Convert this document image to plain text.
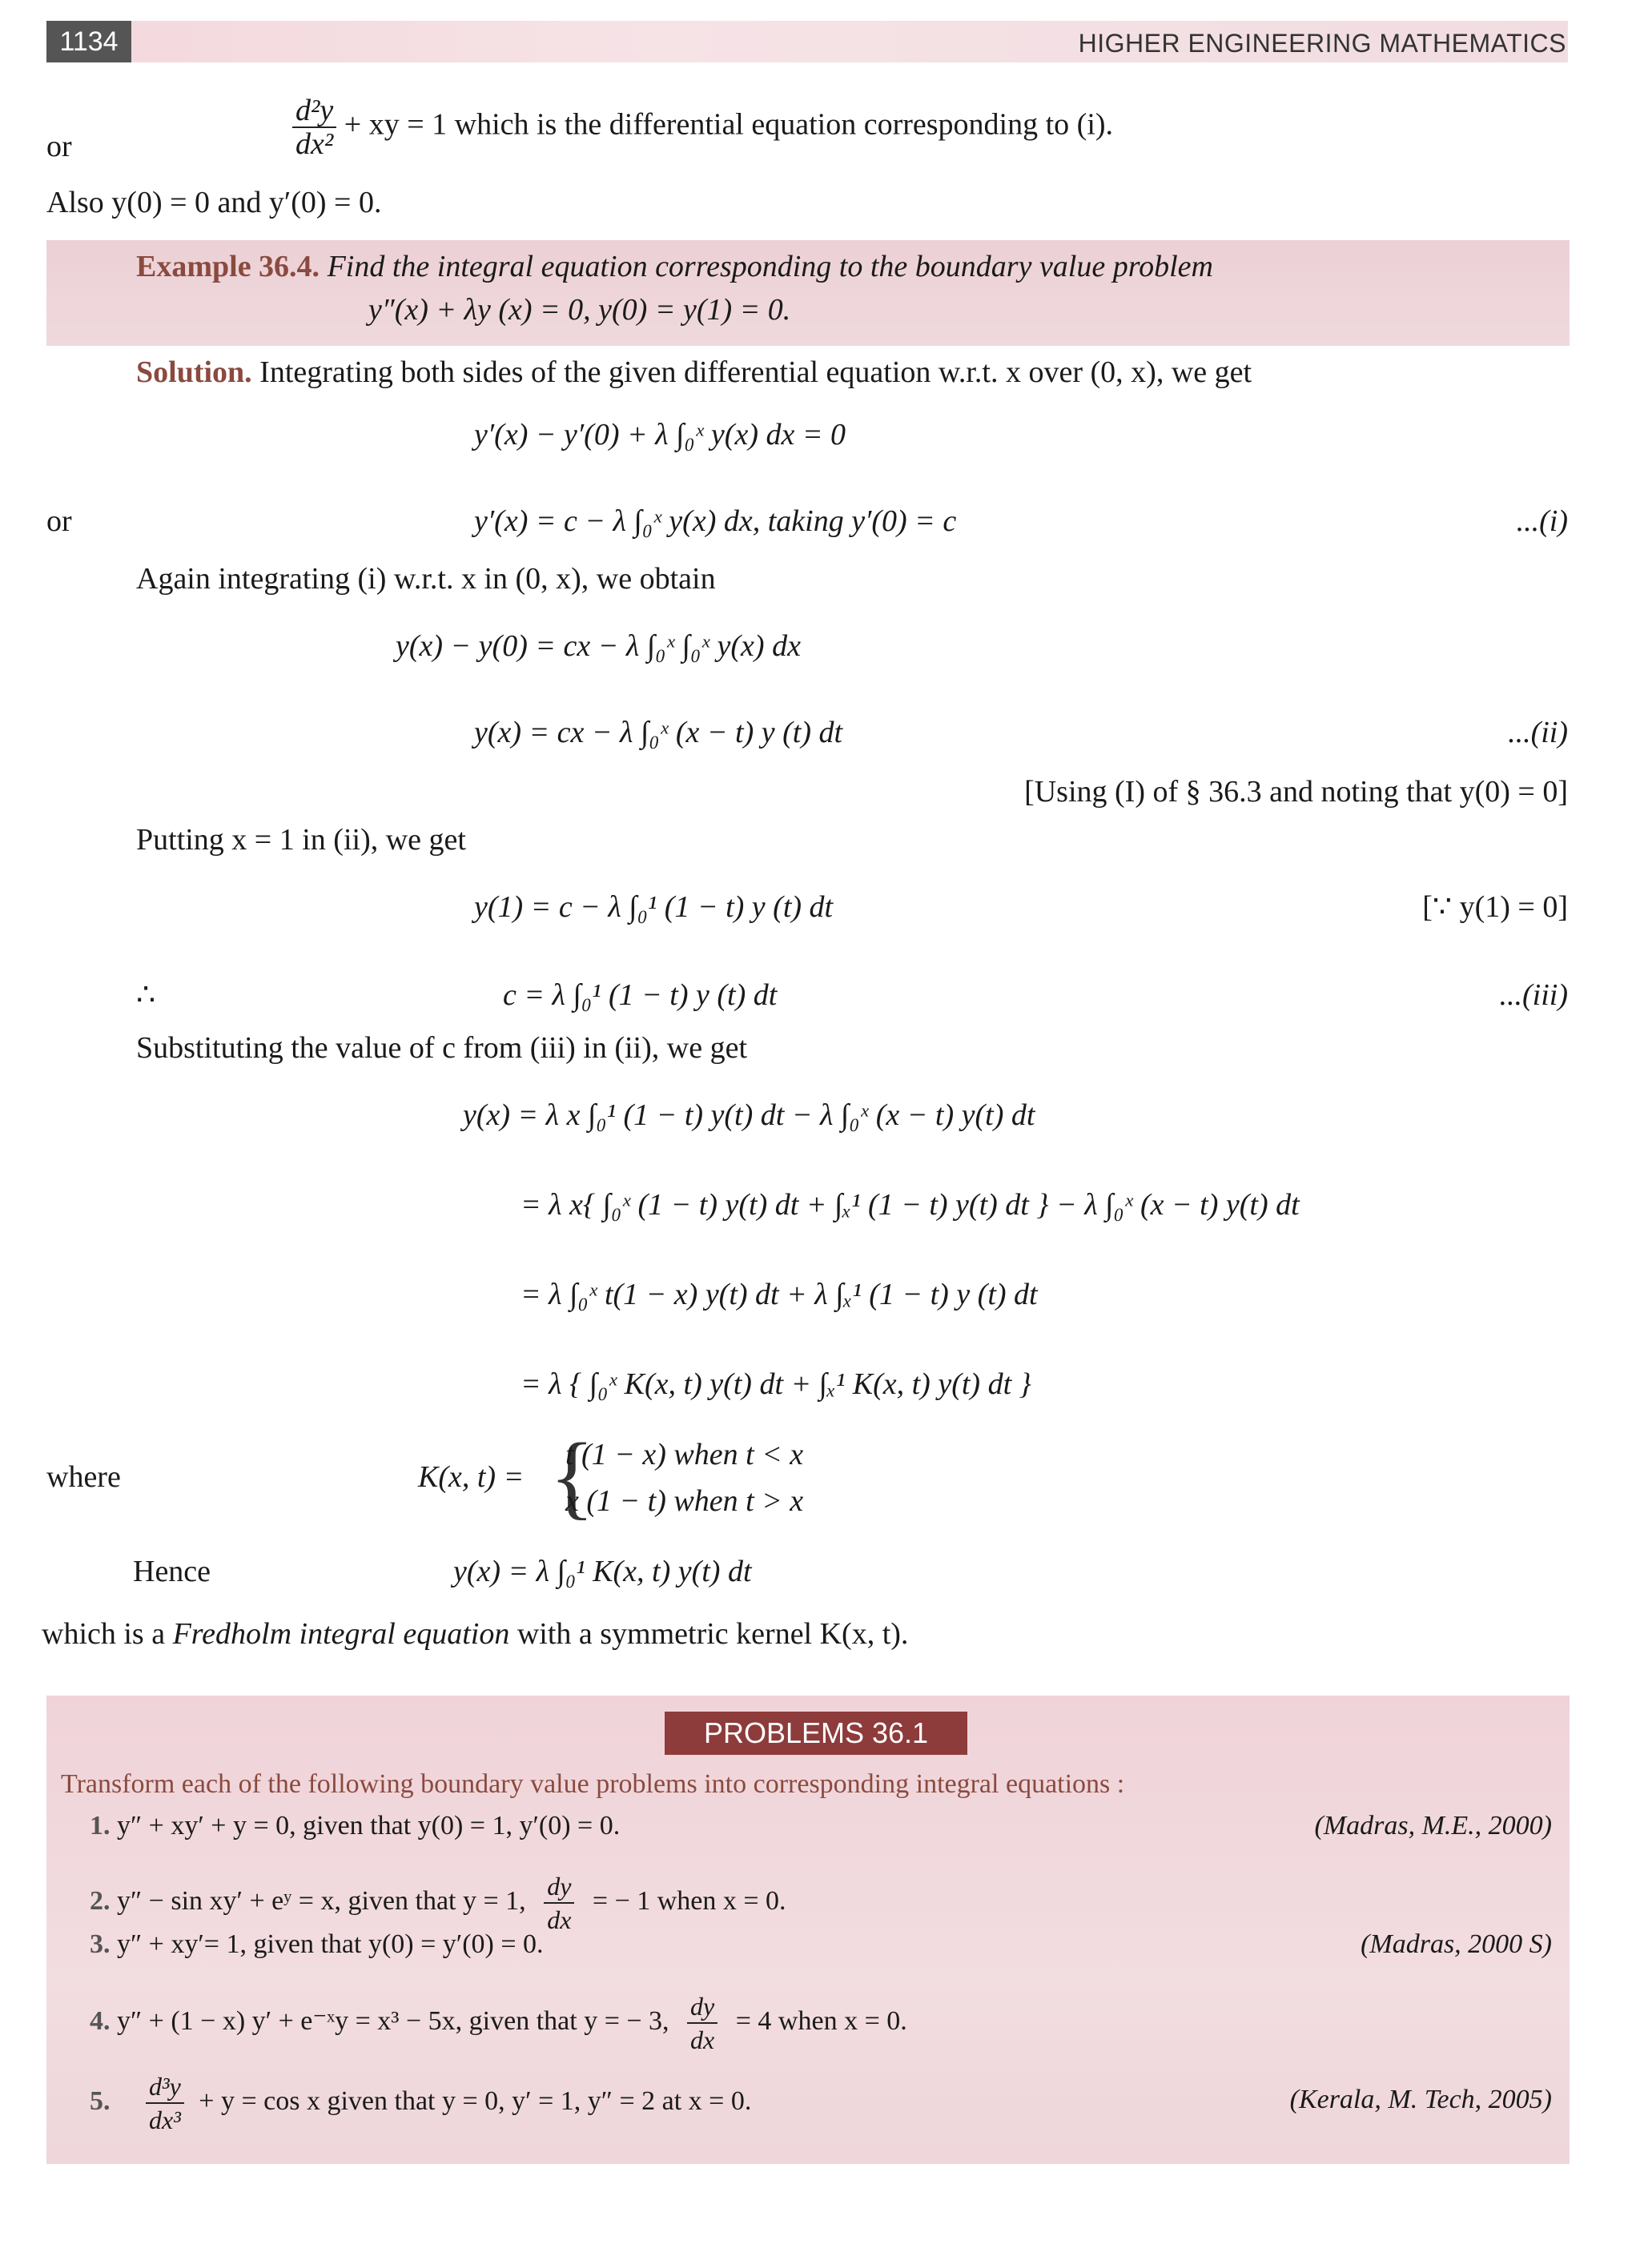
1134	HIGHER ENGINEERING MATHEMATICS
or	$\frac{\text{d²y}}{\text{dx²}}$ + xy = 1 which is the differential equation corresponding to (i).
Also y(0) = 0 and y′(0) = 0.
Example 36.4. Find the integral equation corresponding to the boundary value problem
y″(x) + λy (x) = 0, y(0) = y(1) = 0.
Solution. Integrating both sides of the given differential equation w.r.t. x over (0, x), we get
y′(x) − y′(0) + λ ∫₀ˣ y(x) dx = 0
or	y′(x) = c − λ ∫₀ˣ y(x) dx, taking y′(0) = c	...(i)
Again integrating (i) w.r.t. x in (0, x), we obtain
y(x) − y(0) = cx − λ ∫₀ˣ ∫₀ˣ y(x) dx
y(x) = cx − λ ∫₀ˣ (x − t) y (t) dt	...(ii)
[Using (I) of § 36.3 and noting that y(0) = 0]
Putting x = 1 in (ii), we get
y(1) = c − λ ∫₀¹ (1 − t) y (t) dt	[∵ y(1) = 0]
∴	c = λ ∫₀¹ (1 − t) y (t) dt	...(iii)
Substituting the value of c from (iii) in (ii), we get
y(x) = λ x ∫₀¹ (1 − t) y(t) dt − λ ∫₀ˣ (x − t) y(t) dt
= λ x{ ∫₀ˣ (1 − t) y(t) dt + ∫ₓ¹ (1 − t) y(t) dt } − λ ∫₀ˣ (x − t) y(t) dt
= λ ∫₀ˣ t(1 − x) y(t) dt + λ ∫ₓ¹ (1 − t) y (t) dt
= λ { ∫₀ˣ K(x, t) y(t) dt + ∫ₓ¹ K(x, t) y(t) dt }
where	K(x, t) = {
t (1 − x) when t < x
x (1 − t) when t > x
Hence	y(x) = λ ∫₀¹ K(x, t) y(t) dt
which is a Fredholm integral equation with a symmetric kernel K(x, t).
PROBLEMS 36.1
Transform each of the following boundary value problems into corresponding integral equations :
1. y″ + xy′ + y = 0, given that y(0) = 1, y′(0) = 0.	(Madras, M.E., 2000)
2. y″ − sin xy′ + eʸ = x, given that y = 1, $\frac{dy}{dx}$ = − 1 when x = 0.
3. y″ + xy′= 1, given that y(0) = y′(0) = 0.	(Madras, 2000 S)
4. y″ + (1 − x) y′ + e⁻ˣy = x³ − 5x, given that y = − 3, $\frac{dy}{dx} = 4$ when x = 0.
5. $\frac{\text{d³y}}{\text{dx³}} + y = \cos x$ given that y = 0, y′ = 1, y″ = 2 at x = 0.	(Kerala, M. Tech, 2005)
